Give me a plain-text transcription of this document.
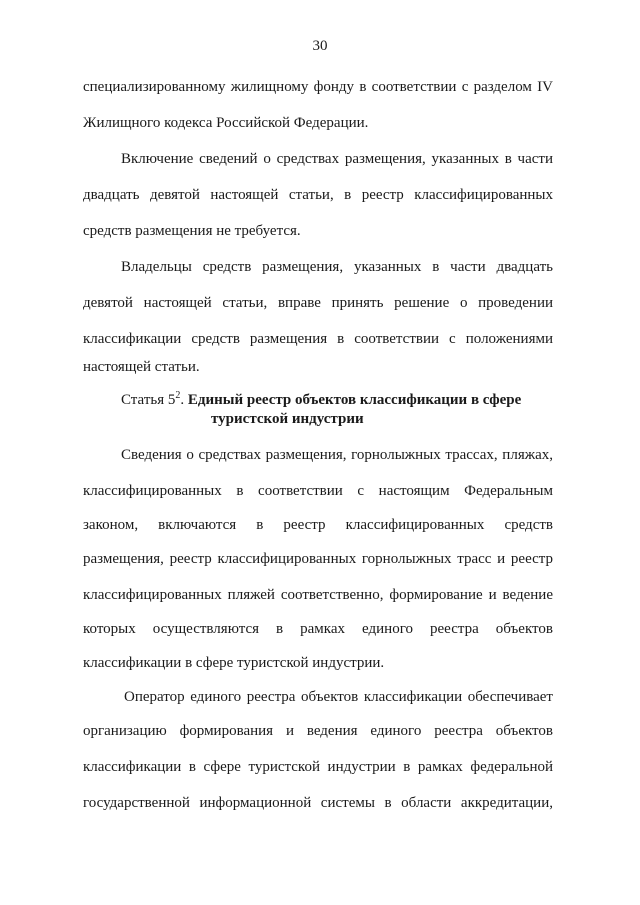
30
специализированному жилищному фонду в соответствии с разделом IV
Жилищного кодекса Российской Федерации.
Включение сведений о средствах размещения, указанных в части
двадцать девятой настоящей статьи, в реестр классифицированных
средств размещения не требуется.
Владельцы средств размещения, указанных в части двадцать
девятой настоящей статьи, вправе принять решение о проведении
классификации средств размещения в соответствии с положениями
настоящей статьи.
Статья $5^2$. Единый реестр объектов классификации в сфере
туристской индустрии
Сведения о средствах размещения, горнолыжных трассах, пляжах,
классифицированных в соответствии с настоящим Федеральным
законом, включаются в реестр классифицированных средств
размещения, реестр классифицированных горнолыжных трасс и реестр
классифицированных пляжей соответственно, формирование и ведение
которых осуществляются в рамках единого реестра объектов
классификации в сфере туристской индустрии.
Оператор единого реестра объектов классификации обеспечивает
организацию формирования и ведения единого реестра объектов
классификации в сфере туристской индустрии в рамках федеральной
государственной информационной системы в области аккредитации,
